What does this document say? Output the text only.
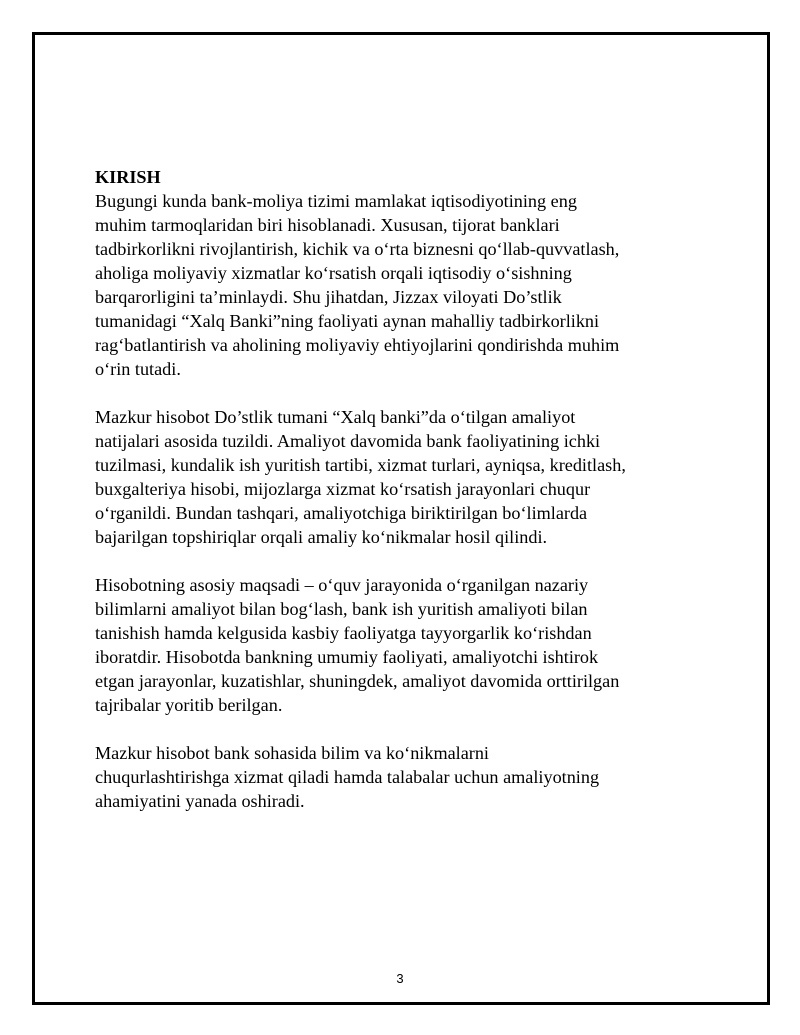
KIRISH
Bugungi kunda bank-moliya tizimi mamlakat iqtisodiyotining eng
muhim tarmoqlaridan biri hisoblanadi. Xususan, tijorat banklari
tadbirkorlikni rivojlantirish, kichik va o‘rta biznesni qo‘llab-quvvatlash,
aholiga moliyaviy xizmatlar ko‘rsatish orqali iqtisodiy o‘sishning
barqarorligini ta’minlaydi. Shu jihatdan, Jizzax viloyati Do’stlik
tumanidagi “Xalq Banki”ning faoliyati aynan mahalliy tadbirkorlikni
rag‘batlantirish va aholining moliyaviy ehtiyojlarini qondirishda muhim
o‘rin tutadi.
Mazkur hisobot Do’stlik tumani “Xalq banki”da o‘tilgan amaliyot
natijalari asosida tuzildi. Amaliyot davomida bank faoliyatining ichki
tuzilmasi, kundalik ish yuritish tartibi, xizmat turlari, ayniqsa, kreditlash,
buxgalteriya hisobi, mijozlarga xizmat ko‘rsatish jarayonlari chuqur
o‘rganildi. Bundan tashqari, amaliyotchiga biriktirilgan bo‘limlarda
bajarilgan topshiriqlar orqali amaliy ko‘nikmalar hosil qilindi.
Hisobotning asosiy maqsadi – o‘quv jarayonida o‘rganilgan nazariy
bilimlarni amaliyot bilan bog‘lash, bank ish yuritish amaliyoti bilan
tanishish hamda kelgusida kasbiy faoliyatga tayyorgarlik ko‘rishdan
iboratdir. Hisobotda bankning umumiy faoliyati, amaliyotchi ishtirok
etgan jarayonlar, kuzatishlar, shuningdek, amaliyot davomida orttirilgan
tajribalar yoritib berilgan.
Mazkur hisobot bank sohasida bilim va ko‘nikmalarni
chuqurlashtirishga xizmat qiladi hamda talabalar uchun amaliyotning
ahamiyatini yanada oshiradi.
3
